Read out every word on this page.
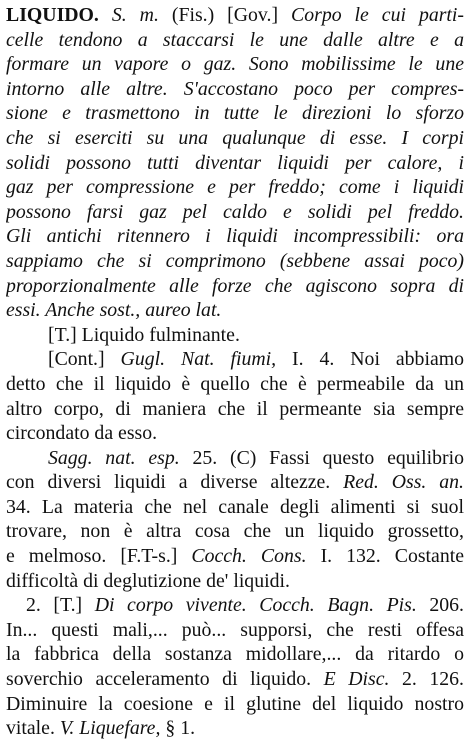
LIQUIDO. S. m. (Fis.) [Gov.] Corpo le cui parti-
celle tendono a staccarsi le une dalle altre e a
formare un vapore o gaz. Sono mobilissime le une
intorno alle altre. S'accostano poco per compres-
sione e trasmettono in tutte le direzioni lo sforzo
che si eserciti su una qualunque di esse. I corpi
solidi possono tutti diventar liquidi per calore, i
gaz per compressione e per freddo; come i liquidi
possono farsi gaz pel caldo e solidi pel freddo.
Gli antichi ritennero i liquidi incompressibili: ora
sappiamo che si comprimono (sebbene assai poco)
proporzionalmente alle forze che agiscono sopra di
essi. Anche sost., aureo lat.
[T.] Liquido fulminante.
[Cont.] Gugl. Nat. fiumi, I. 4. Noi abbiamo
detto che il liquido è quello che è permeabile da un
altro corpo, di maniera che il permeante sia sempre
circondato da esso.
Sagg. nat. esp. 25. (C) Fassi questo equilibrio
con diversi liquidi a diverse altezze. Red. Oss. an.
34. La materia che nel canale degli alimenti si suol
trovare, non è altra cosa che un liquido grossetto,
e melmoso. [F.T-s.] Cocch. Cons. I. 132. Costante
difficoltà di deglutizione de' liquidi.
2. [T.] Di corpo vivente. Cocch. Bagn. Pis. 206.
In... questi mali,... può... supporsi, che resti offesa
la fabbrica della sostanza midollare,... da ritardo o
soverchio acceleramento di liquido. E Disc. 2. 126.
Diminuire la coesione e il glutine del liquido nostro
vitale. V. Liquefare, § 1.
